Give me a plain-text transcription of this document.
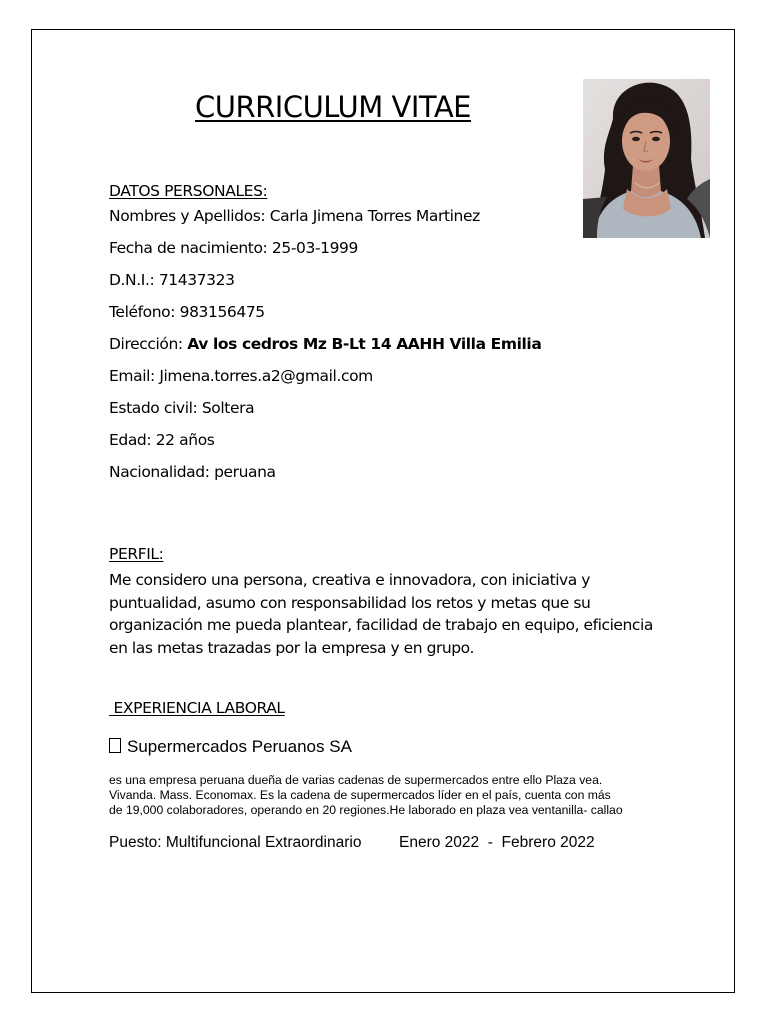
CURRICULUM VITAE
DATOS PERSONALES:
Nombres y Apellidos: Carla Jimena Torres Martinez
Fecha de nacimiento: 25-03-1999
D.N.I.: 71437323
Teléfono: 983156475
Dirección: Av los cedros Mz B-Lt 14 AAHH Villa Emilia
Email: Jimena.torres.a2@gmail.com
Estado civil: Soltera
Edad: 22 años
Nacionalidad: peruana
PERFIL:
Me considero una persona, creativa e innovadora, con iniciativa y
puntualidad, asumo con responsabilidad los retos y metas que su
organización me pueda plantear, facilidad de trabajo en equipo, eficiencia
en las metas trazadas por la empresa y en grupo.
EXPERIENCIA LABORAL
Supermercados Peruanos SA
es una empresa peruana dueña de varias cadenas de supermercados entre ello Plaza vea.
Vivanda. Mass. Economax. Es la cadena de supermercados líder en el país, cuenta con más
de 19,000 colaboradores, operando en 20 regiones.He laborado en plaza vea ventanilla- callao
Puesto: Multifuncional Extraordinario Enero 2022  -  Febrero 2022
